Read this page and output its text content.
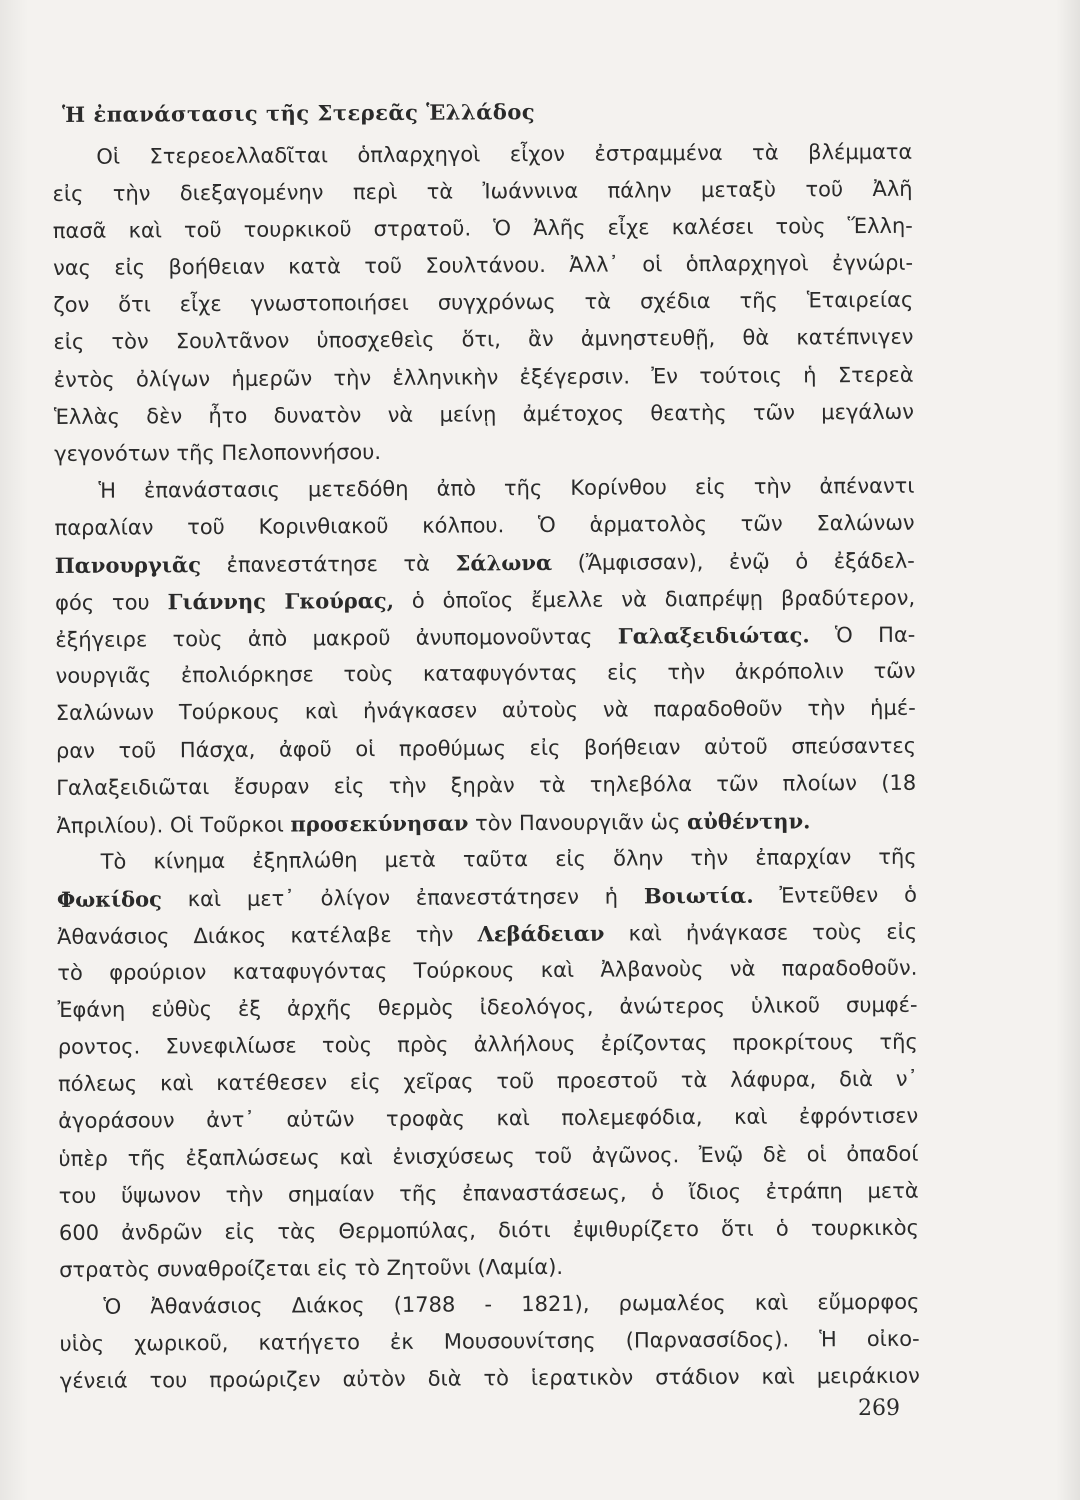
Ἡ ἐπανάστασις τῆς Στερεᾶς Ἑλλάδος
Οἱ Στερεοελλαδῖται ὁπλαρχηγοὶ εἶχον ἐστραμμένα τὰ βλέμματα
εἰς τὴν διεξαγομένην περὶ τὰ Ἰωάννινα πάλην μεταξὺ τοῦ Ἀλῆ
πασᾶ καὶ τοῦ τουρκικοῦ στρατοῦ. Ὁ Ἀλῆς εἶχε καλέσει τοὺς Ἕλλη-
νας εἰς βοήθειαν κατὰ τοῦ Σουλτάνου. Ἀλλ᾽ οἱ ὁπλαρχηγοὶ ἐγνώρι-
ζον ὅτι εἶχε γνωστοποιήσει συγχρόνως τὰ σχέδια τῆς Ἑταιρείας
εἰς τὸν Σουλτᾶνον ὑποσχεθεὶς ὅτι, ἂν ἀμνηστευθῇ, θὰ κατέπνιγεν
ἐντὸς ὀλίγων ἡμερῶν τὴν ἑλληνικὴν ἐξέγερσιν. Ἐν τούτοις ἡ Στερεὰ
Ἑλλὰς δὲν ἦτο δυνατὸν νὰ μείνῃ ἀμέτοχος θεατὴς τῶν μεγάλων
γεγονότων τῆς Πελοποννήσου.
Ἡ ἐπανάστασις μετεδόθη ἀπὸ τῆς Κορίνθου εἰς τὴν ἀπέναντι
παραλίαν τοῦ Κορινθιακοῦ κόλπου. Ὁ ἁρματολὸς τῶν Σαλώνων
Πανουργιᾶς ἐπανεστάτησε τὰ Σάλωνα (Ἄμφισσαν), ἐνῷ ὁ ἐξάδελ-
φός του Γιάννης Γκούρας, ὁ ὁποῖος ἔμελλε νὰ διαπρέψῃ βραδύτερον,
ἐξήγειρε τοὺς ἀπὸ μακροῦ ἀνυπομονοῦντας Γαλαξειδιώτας. Ὁ Πα-
νουργιᾶς ἐπολιόρκησε τοὺς καταφυγόντας εἰς τὴν ἀκρόπολιν τῶν
Σαλώνων Τούρκους καὶ ἠνάγκασεν αὐτοὺς νὰ παραδοθοῦν τὴν ἡμέ-
ραν τοῦ Πάσχα, ἀφοῦ οἱ προθύμως εἰς βοήθειαν αὐτοῦ σπεύσαντες
Γαλαξειδιῶται ἔσυραν εἰς τὴν ξηρὰν τὰ τηλεβόλα τῶν πλοίων (18
Ἀπριλίου). Οἱ Τοῦρκοι προσεκύνησαν τὸν Πανουργιᾶν ὡς αὐθέντην.
Τὸ κίνημα ἐξηπλώθη μετὰ ταῦτα εἰς ὅλην τὴν ἐπαρχίαν τῆς
Φωκίδος καὶ μετ᾽ ὀλίγον ἐπανεστάτησεν ἡ Βοιωτία. Ἐντεῦθεν ὁ
Ἀθανάσιος Διάκος κατέλαβε τὴν Λεβάδειαν καὶ ἠνάγκασε τοὺς εἰς
τὸ φρούριον καταφυγόντας Τούρκους καὶ Ἀλβανοὺς νὰ παραδοθοῦν.
Ἐφάνη εὐθὺς ἐξ ἀρχῆς θερμὸς ἰδεολόγος, ἀνώτερος ὑλικοῦ συμφέ-
ροντος. Συνεφιλίωσε τοὺς πρὸς ἀλλήλους ἐρίζοντας προκρίτους τῆς
πόλεως καὶ κατέθεσεν εἰς χεῖρας τοῦ προεστοῦ τὰ λάφυρα, διὰ ν᾽
ἀγοράσουν ἀντ᾽ αὐτῶν τροφὰς καὶ πολεμεφόδια, καὶ ἐφρόντισεν
ὑπὲρ τῆς ἐξαπλώσεως καὶ ἐνισχύσεως τοῦ ἀγῶνος. Ἐνῷ δὲ οἱ ὀπαδοί
του ὕψωνον τὴν σημαίαν τῆς ἐπαναστάσεως, ὁ ἴδιος ἐτράπη μετὰ
600 ἀνδρῶν εἰς τὰς Θερμοπύλας, διότι ἐψιθυρίζετο ὅτι ὁ τουρκικὸς
στρατὸς συναθροίζεται εἰς τὸ Ζητοῦνι (Λαμία).
Ὁ Ἀθανάσιος Διάκος (1788 - 1821), ρωμαλέος καὶ εὔμορφος
υἱὸς χωρικοῦ, κατήγετο ἐκ Μουσουνίτσης (Παρνασσίδος). Ἡ οἰκο-
γένειά του προώριζεν αὐτὸν διὰ τὸ ἱερατικὸν στάδιον καὶ μειράκιον
269
